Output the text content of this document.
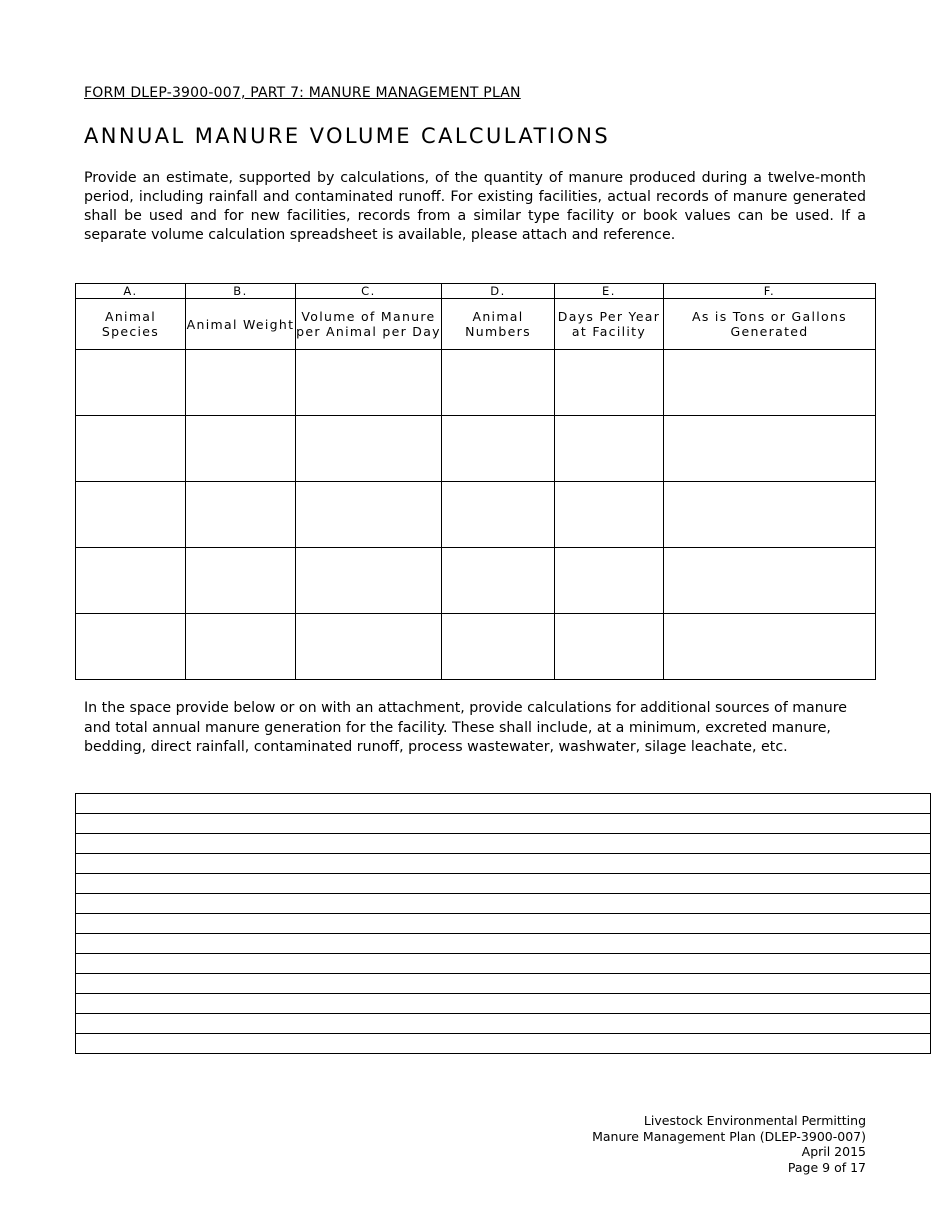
FORM DLEP-3900-007, PART 7: MANURE MANAGEMENT PLAN
ANNUAL MANURE VOLUME CALCULATIONS

Provide an estimate, supported by calculations, of the quantity of manure produced during a twelve-month period, including rainfall and contaminated runoff. For existing facilities, actual records of manure generated shall be used and for new facilities, records from a similar type facility or book values can be used. If a separate volume calculation spreadsheet is available, please attach and reference.

A.	B.	C.	D.	E.	F.
Animal Species	Animal Weight	Volume of Manure per Animal per Day	Animal Numbers	Days Per Year at Facility	As is Tons or Gallons Generated

In the space provide below or on with an attachment, provide calculations for additional sources of manure and total annual manure generation for the facility. These shall include, at a minimum, excreted manure, bedding, direct rainfall, contaminated runoff, process wastewater, washwater, silage leachate, etc.

Livestock Environmental Permitting
Manure Management Plan (DLEP-3900-007)
April 2015
Page 9 of 17
